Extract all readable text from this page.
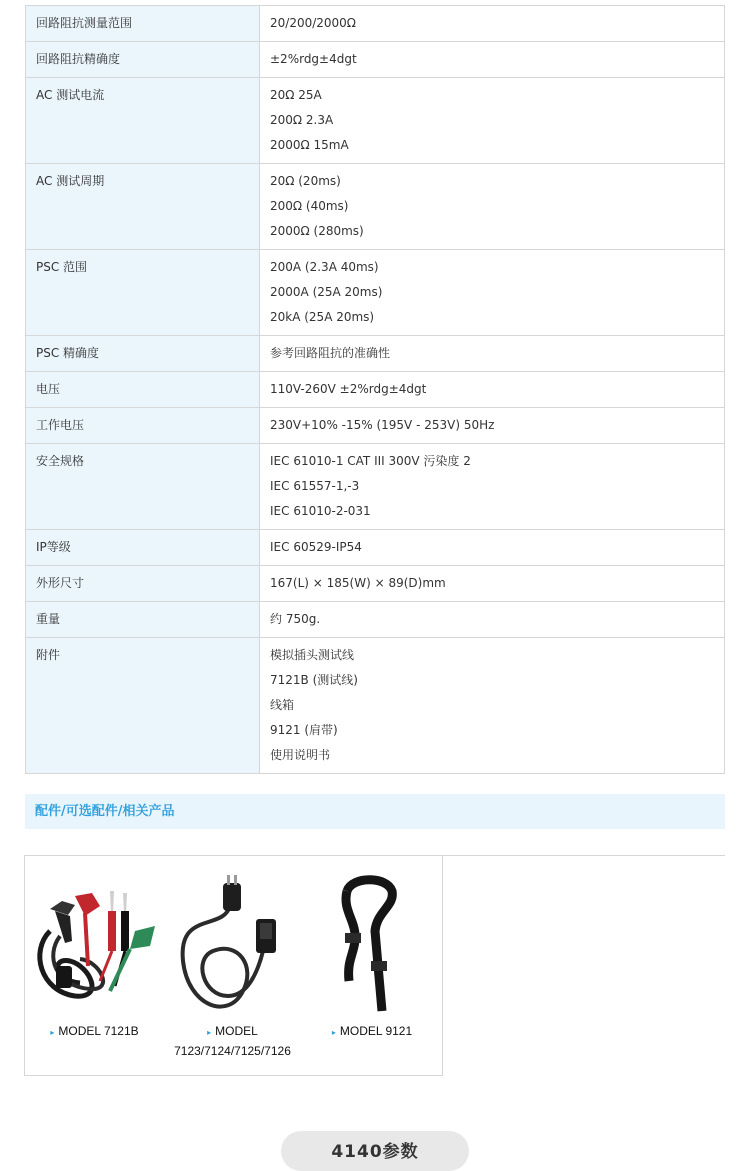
回路阻抗测量范围	20/200/2000Ω

回路阻抗精确度	±2%rdg±4dgt

AC 测试电流	20Ω 25A
200Ω 2.3A
2000Ω 15mA

AC 测试周期	20Ω (20ms)
200Ω (40ms)
2000Ω (280ms)

PSC 范围	200A (2.3A 40ms)
2000A (25A 20ms)
20kA (25A 20ms)

PSC 精确度	参考回路阻抗的准确性

电压	110V-260V ±2%rdg±4dgt

工作电压	230V+10% -15% (195V - 253V) 50Hz

安全规格	IEC 61010-1 CAT III 300V 污染度 2
IEC 61557-1,-3
IEC 61010-2-031

IP等级	IEC 60529-IP54

外形尺寸	167(L) × 185(W) × 89(D)mm

重量	约 750g.

附件	模拟插头测试线
7121B (测试线)
线箱
9121 (肩带)
使用说明书
配件/可选配件/相关产品
▸ MODEL 7121B	▸ MODEL 7123/7124/7125/7126
▸ MODEL 9121
4140参数
